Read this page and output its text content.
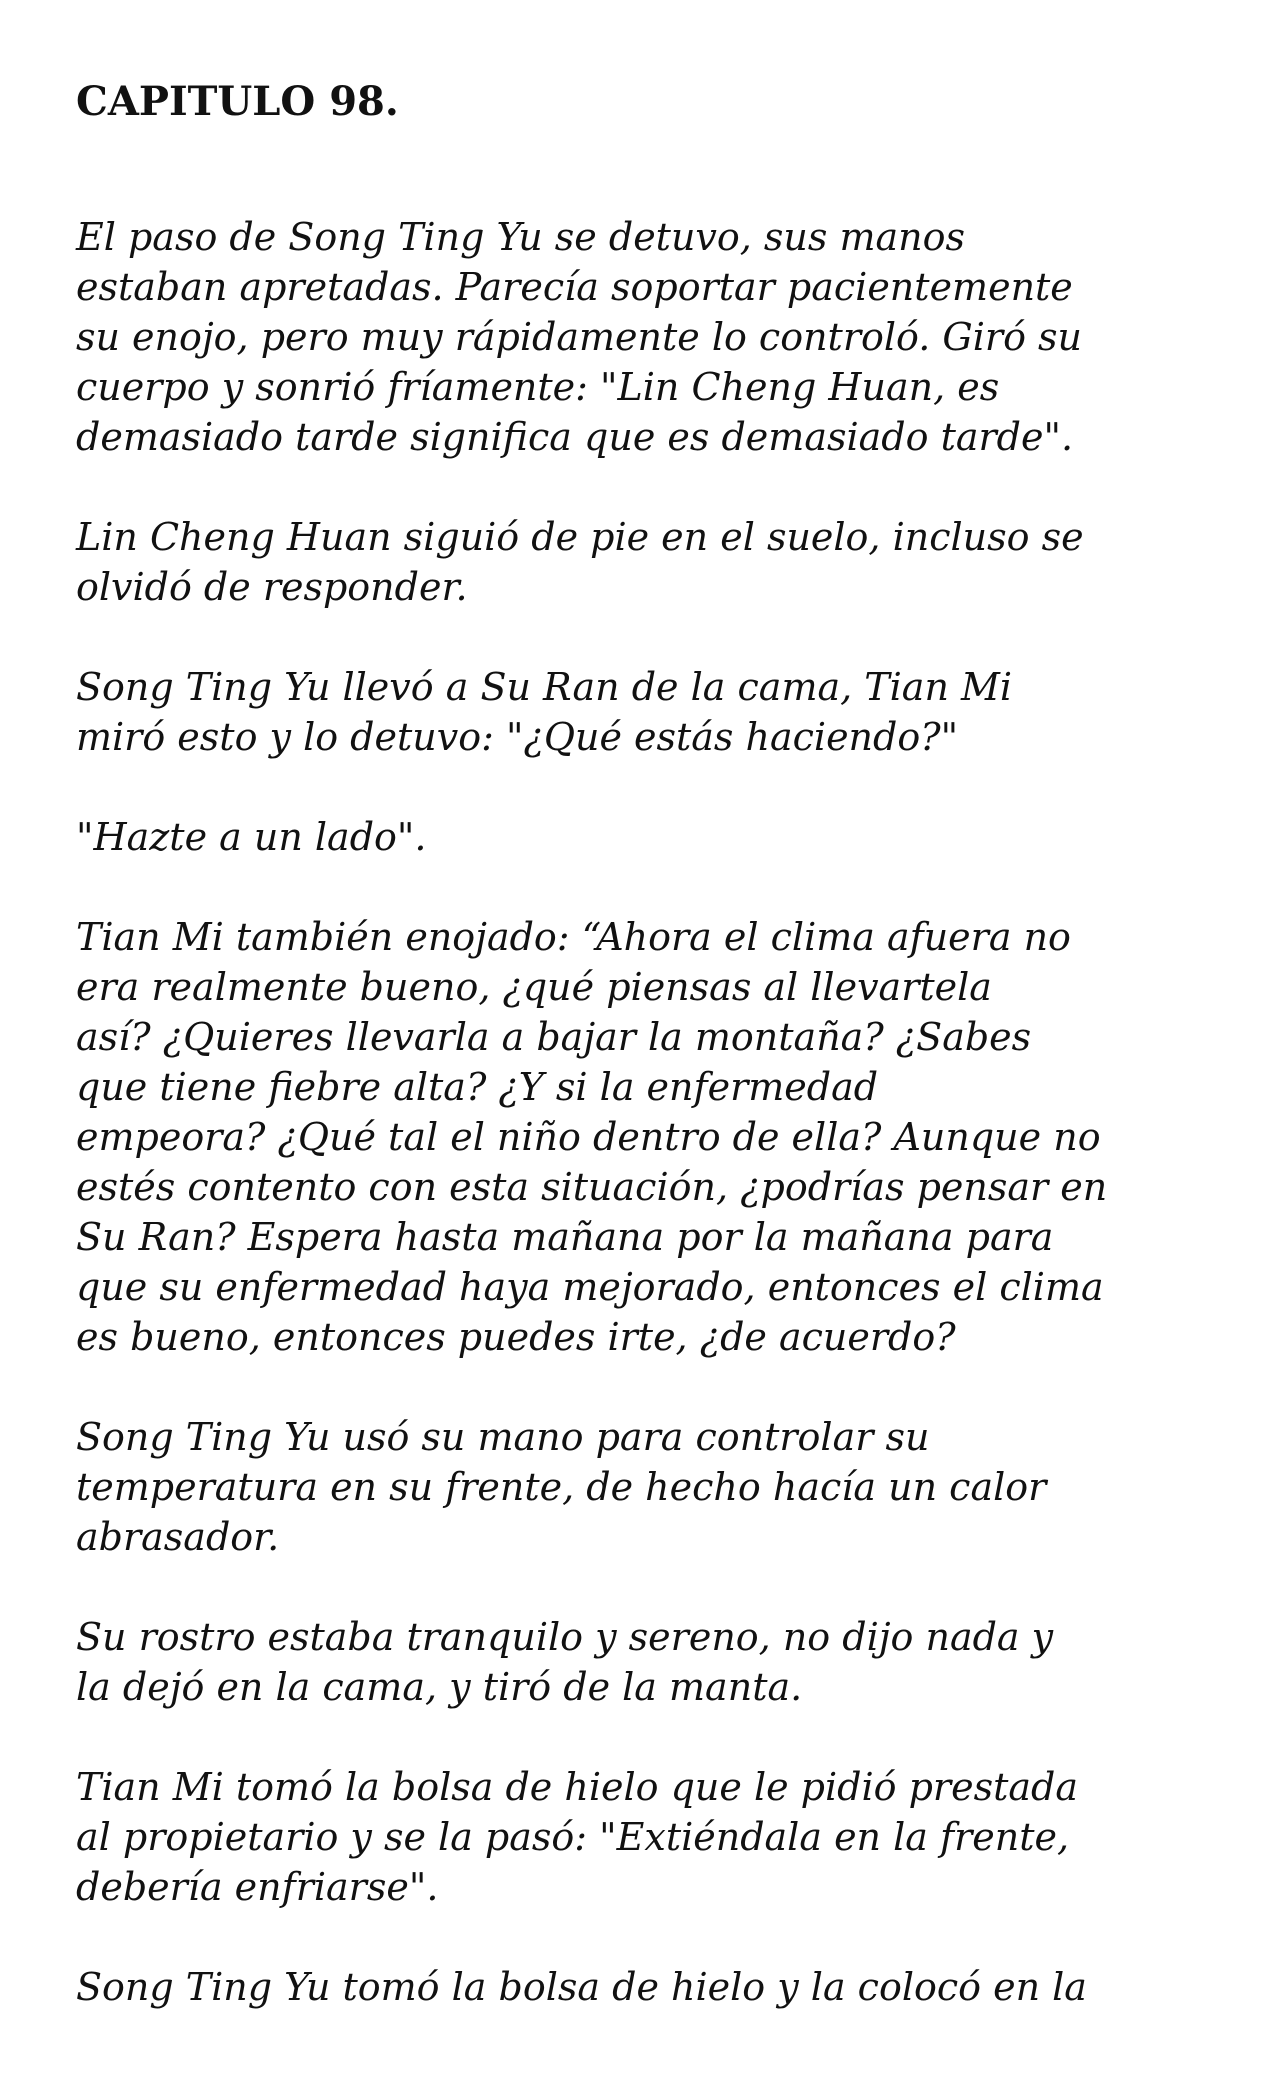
CAPITULO 98.

El paso de Song Ting Yu se detuvo, sus manos
estaban apretadas. Parecía soportar pacientemente
su enojo, pero muy rápidamente lo controló. Giró su
cuerpo y sonrió fríamente: "Lin Cheng Huan, es
demasiado tarde significa que es demasiado tarde".

Lin Cheng Huan siguió de pie en el suelo, incluso se
olvidó de responder.

Song Ting Yu llevó a Su Ran de la cama, Tian Mi
miró esto y lo detuvo: "¿Qué estás haciendo?"

"Hazte a un lado".

Tian Mi también enojado: “Ahora el clima afuera no
era realmente bueno, ¿qué piensas al llevartela
así? ¿Quieres llevarla a bajar la montaña? ¿Sabes
que tiene fiebre alta? ¿Y si la enfermedad
empeora? ¿Qué tal el niño dentro de ella? Aunque no
estés contento con esta situación, ¿podrías pensar en
Su Ran? Espera hasta mañana por la mañana para
que su enfermedad haya mejorado, entonces el clima
es bueno, entonces puedes irte, ¿de acuerdo?

Song Ting Yu usó su mano para controlar su
temperatura en su frente, de hecho hacía un calor
abrasador.

Su rostro estaba tranquilo y sereno, no dijo nada y
la dejó en la cama, y tiró de la manta.

Tian Mi tomó la bolsa de hielo que le pidió prestada
al propietario y se la pasó: "Extiéndala en la frente,
debería enfriarse".

Song Ting Yu tomó la bolsa de hielo y la colocó en la
